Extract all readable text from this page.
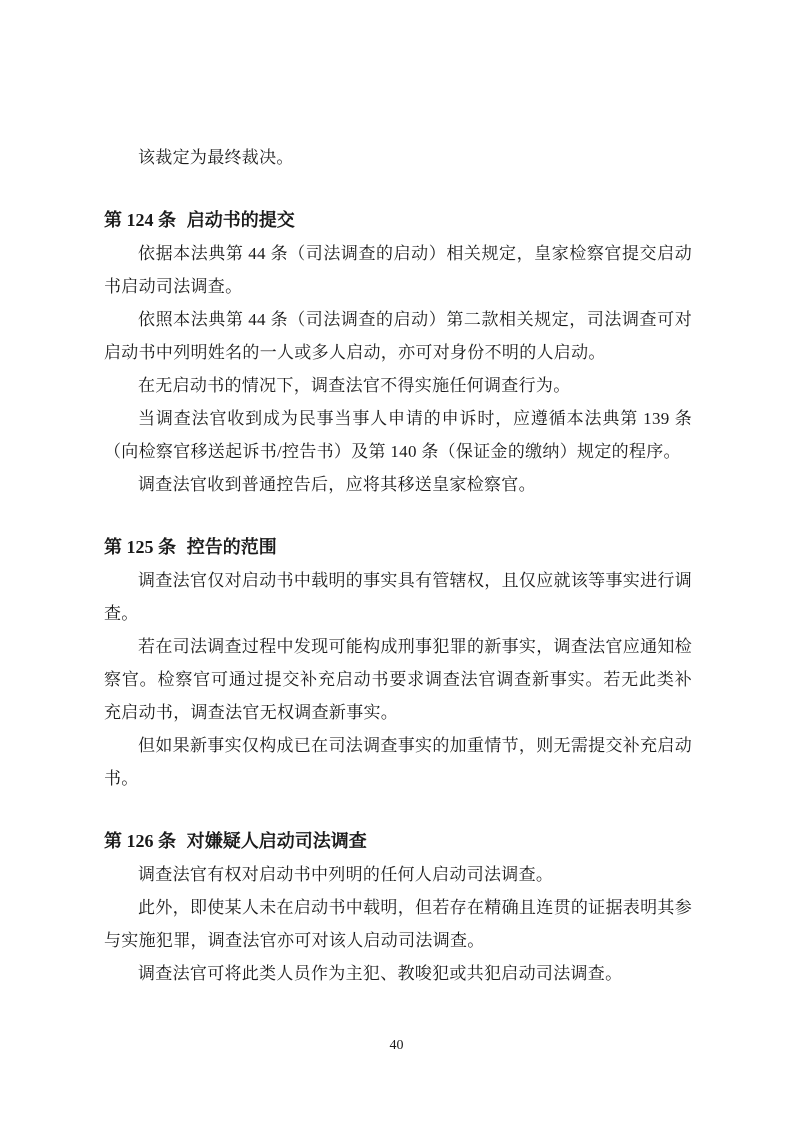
该裁定为最终裁决。

第 124 条 启动书的提交

依据本法典第 44 条（司法调查的启动）相关规定，皇家检察官提交启动书启动司法调查。

依照本法典第 44 条（司法调查的启动）第二款相关规定，司法调查可对启动书中列明姓名的一人或多人启动，亦可对身份不明的人启动。

在无启动书的情况下，调查法官不得实施任何调查行为。

当调查法官收到成为民事当事人申请的申诉时，应遵循本法典第 139 条（向检察官移送起诉书/控告书）及第 140 条（保证金的缴纳）规定的程序。

调查法官收到普通控告后，应将其移送皇家检察官。

第 125 条 控告的范围

调查法官仅对启动书中载明的事实具有管辖权，且仅应就该等事实进行调查。

若在司法调查过程中发现可能构成刑事犯罪的新事实，调查法官应通知检察官。检察官可通过提交补充启动书要求调查法官调查新事实。若无此类补充启动书，调查法官无权调查新事实。

但如果新事实仅构成已在司法调查事实的加重情节，则无需提交补充启动书。

第 126 条 对嫌疑人启动司法调查

调查法官有权对启动书中列明的任何人启动司法调查。

此外，即使某人未在启动书中载明，但若存在精确且连贯的证据表明其参与实施犯罪，调查法官亦可对该人启动司法调查。

调查法官可将此类人员作为主犯、教唆犯或共犯启动司法调查。

40
